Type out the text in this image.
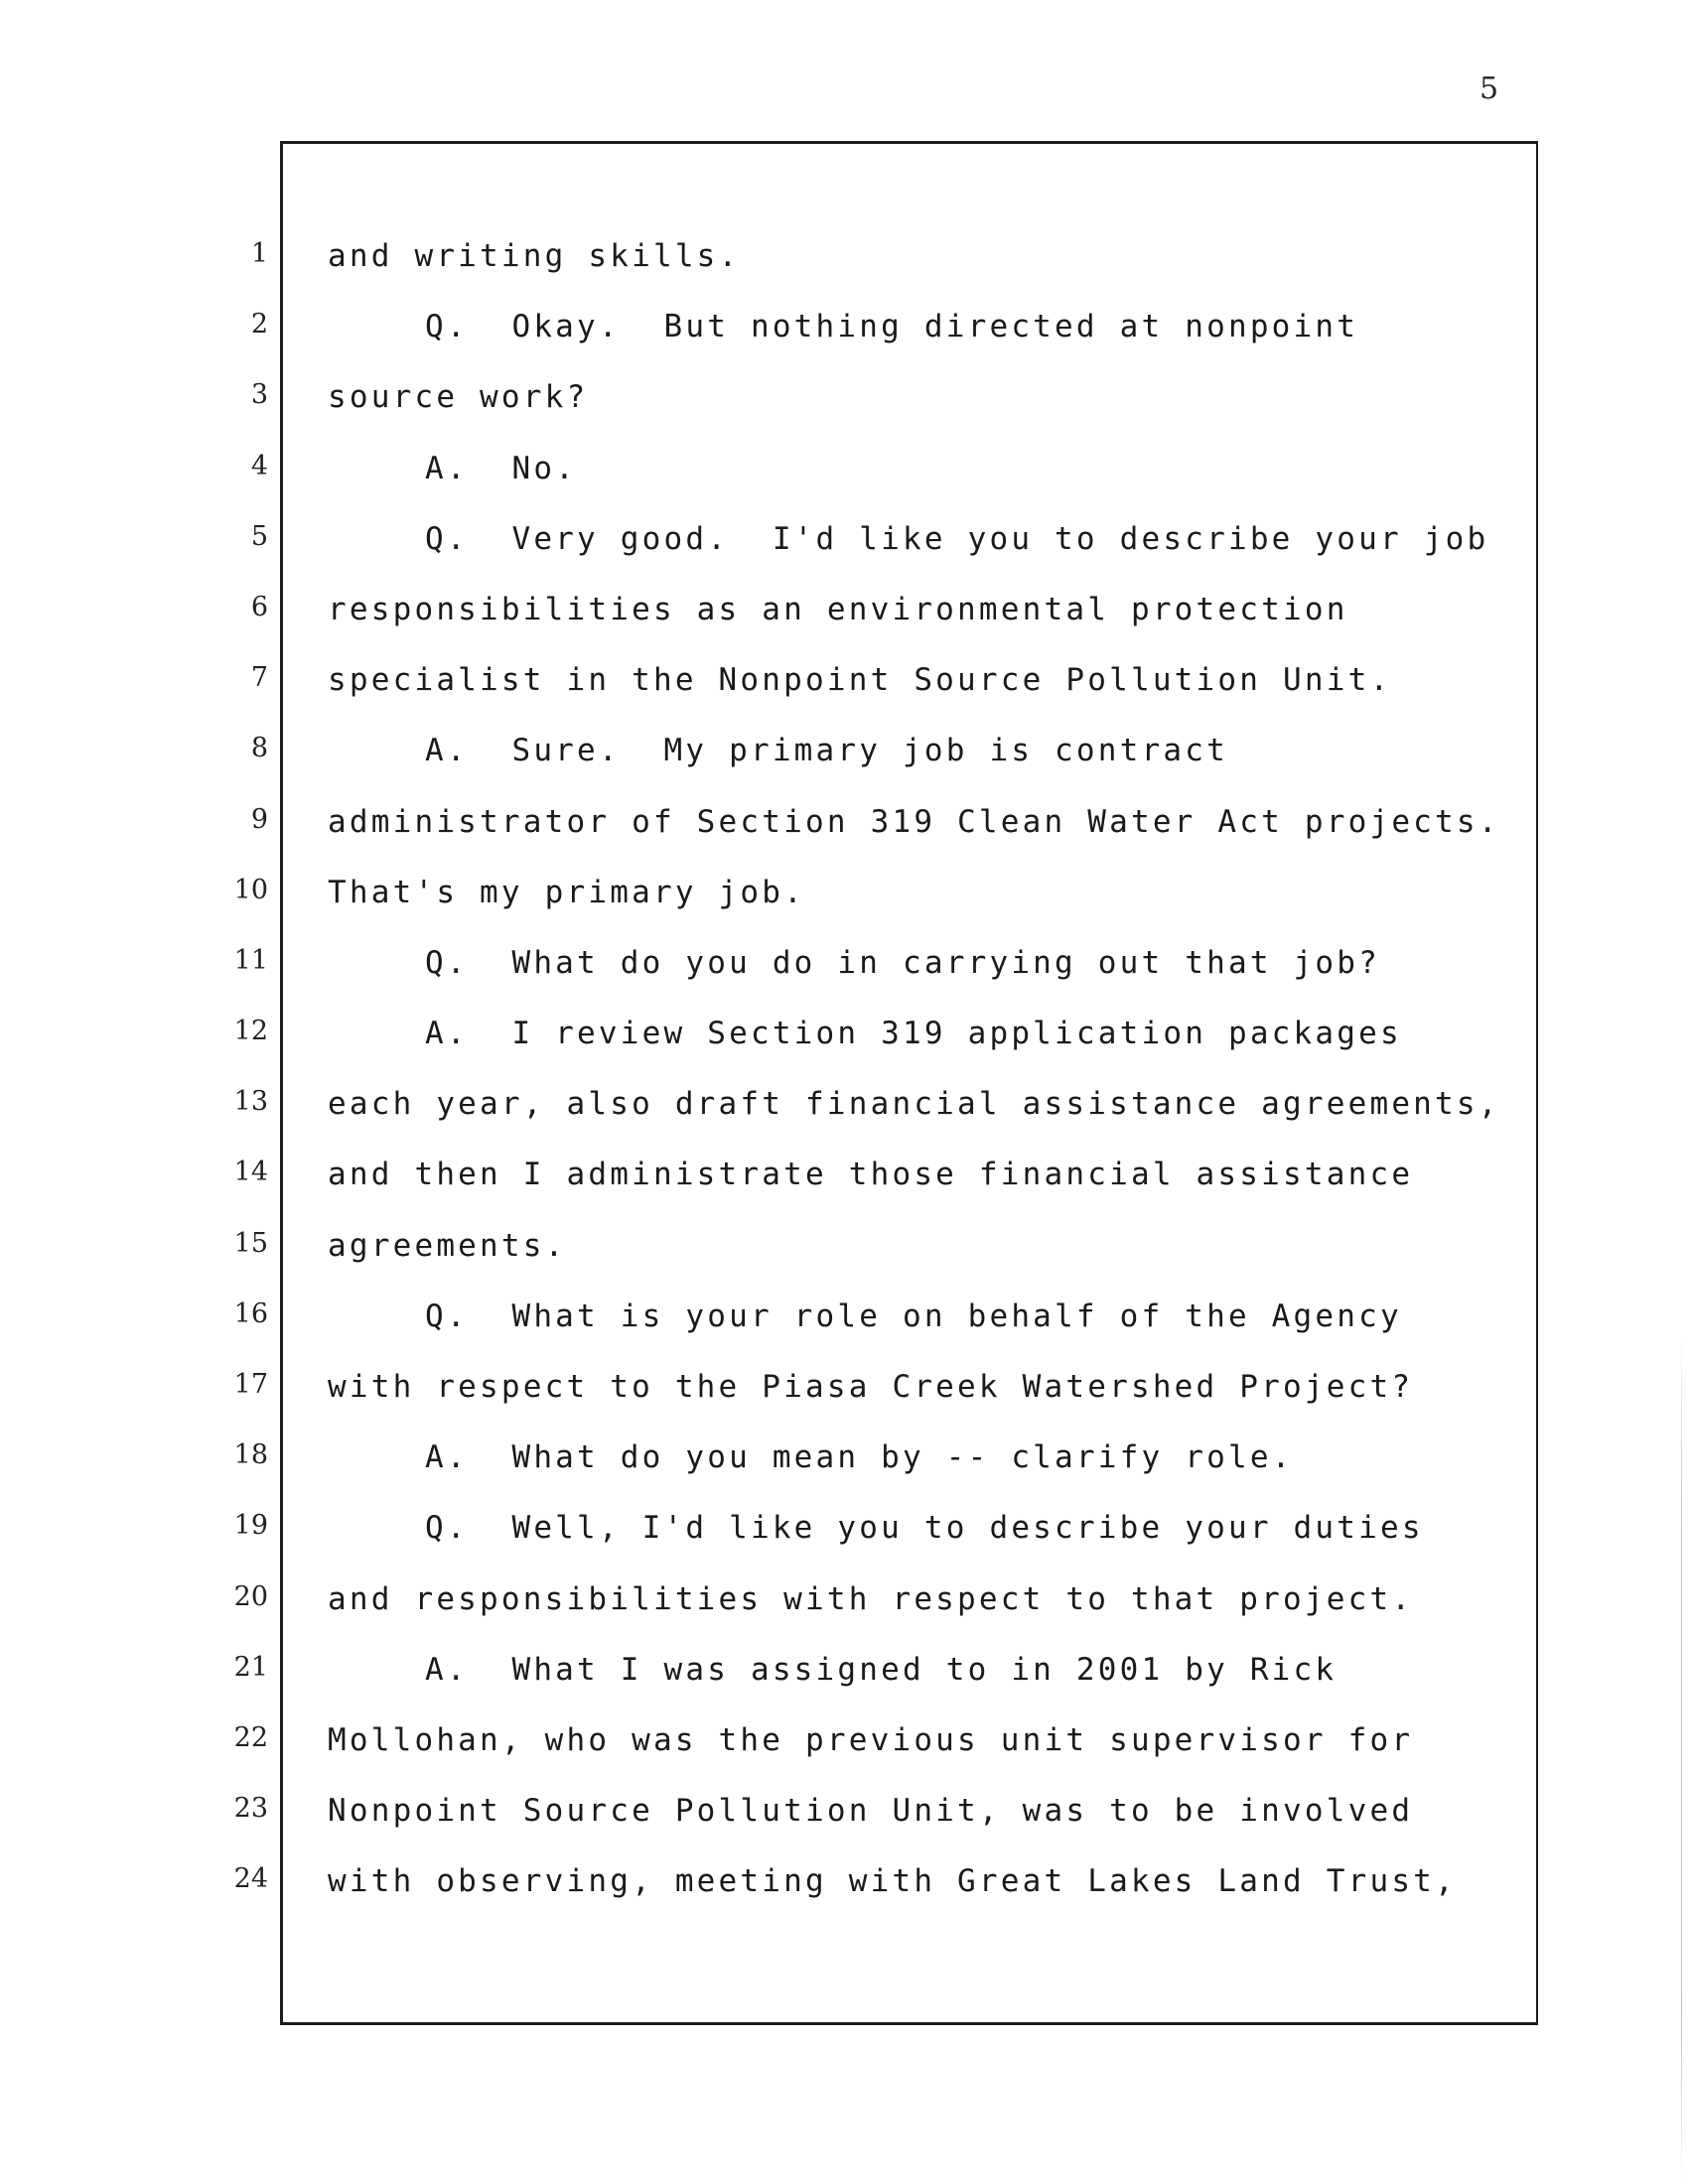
5
1 and writing skills.
2	Q.  Okay.  But nothing directed at nonpoint
3 source work?
4	A.  No.
5	Q.  Very good.  I'd like you to describe your job
6 responsibilities as an environmental protection
7 specialist in the Nonpoint Source Pollution Unit.
8	A.  Sure.  My primary job is contract
9 administrator of Section 319 Clean Water Act projects.
10 That's my primary job.
11	Q.  What do you do in carrying out that job?
12	A.  I review Section 319 application packages
13 each year, also draft financial assistance agreements,
14 and then I administrate those financial assistance
15 agreements.
16	Q.  What is your role on behalf of the Agency
17 with respect to the Piasa Creek Watershed Project?
18	A.  What do you mean by -- clarify role.
19	Q.  Well, I'd like you to describe your duties
20 and responsibilities with respect to that project.
21	A.  What I was assigned to in 2001 by Rick
22 Mollohan, who was the previous unit supervisor for
23 Nonpoint Source Pollution Unit, was to be involved
24 with observing, meeting with Great Lakes Land Trust,
